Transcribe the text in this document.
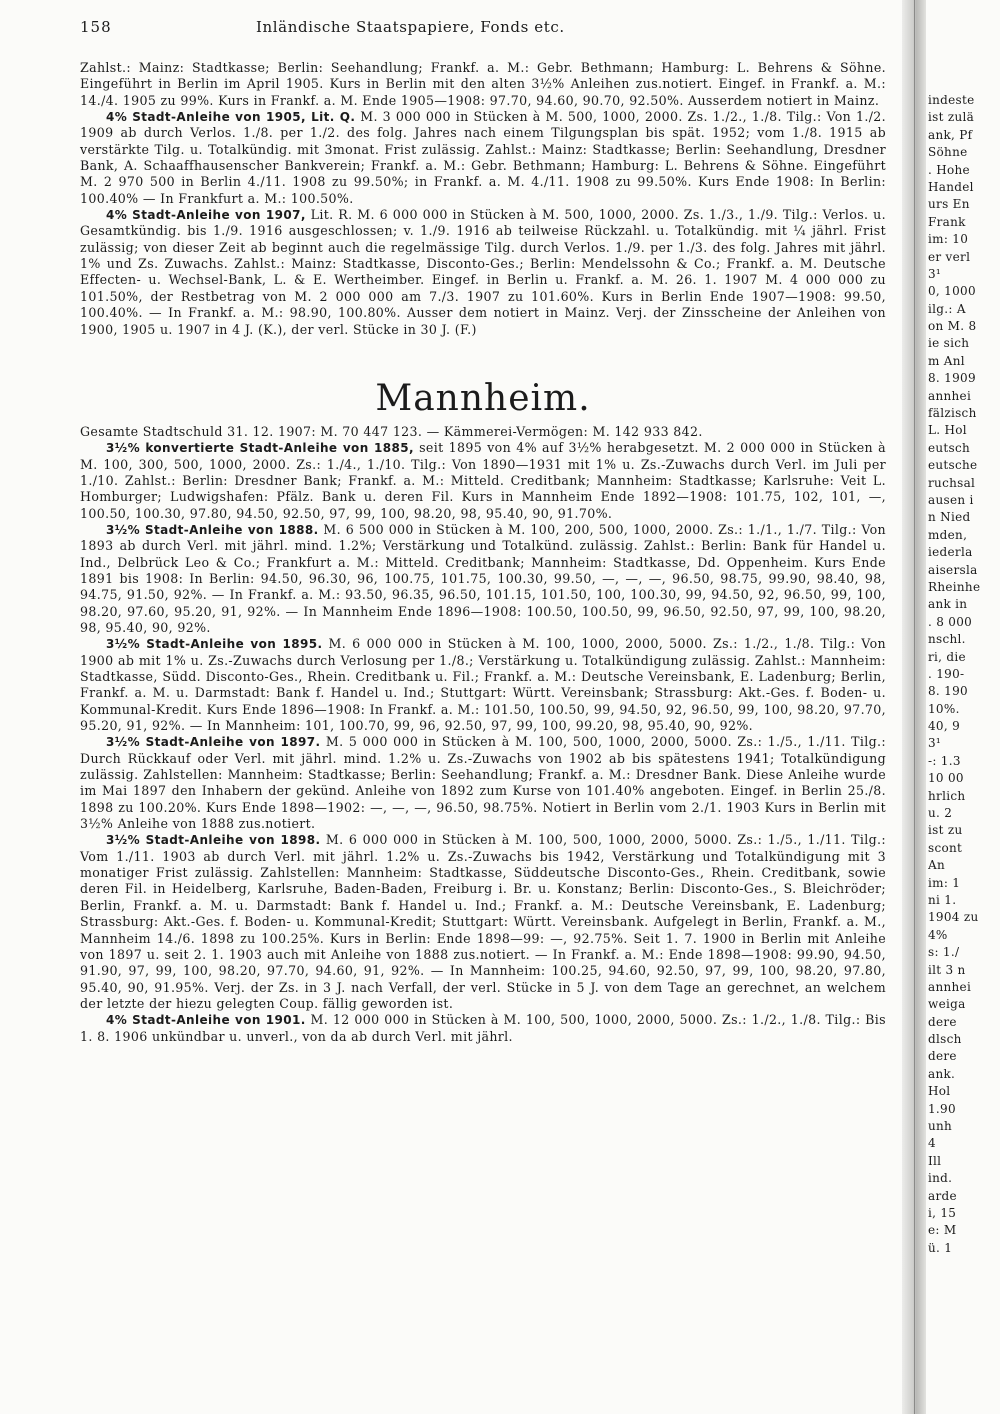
158	Inländische Staatspapiere, Fonds etc.

Zahlst.: Mainz: Stadtkasse; Berlin: Seehandlung; Frankf. a. M.: Gebr. Bethmann; Hamburg: L. Behrens & Söhne. Eingeführt in Berlin im April 1905. Kurs in Berlin mit den alten 3½% Anleihen zus.notiert. Eingef. in Frankf. a. M.: 14./4. 1905 zu 99%. Kurs in Frankf. a. M. Ende 1905—1908: 97.70, 94.60, 90.70, 92.50%. Ausserdem notiert in Mainz.

4% Stadt-Anleihe von 1905, Lit. Q. M. 3 000 000 in Stücken à M. 500, 1000, 2000. Zs. 1./2., 1./8. Tilg.: Von 1./2. 1909 ab durch Verlos. 1./8. per 1./2. des folg. Jahres nach einem Tilgungsplan bis spät. 1952; vom 1./8. 1915 ab verstärkte Tilg. u. Totalkündig. mit 3monat. Frist zulässig. Zahlst.: Mainz: Stadtkasse; Berlin: Seehandlung, Dresdner Bank, A. Schaaffhausenscher Bankverein; Frankf. a. M.: Gebr. Bethmann; Hamburg: L. Behrens & Söhne. Eingeführt M. 2 970 500 in Berlin 4./11. 1908 zu 99.50%; in Frankf. a. M. 4./11. 1908 zu 99.50%. Kurs Ende 1908: In Berlin: 100.40% — In Frankfurt a. M.: 100.50%.

4% Stadt-Anleihe von 1907, Lit. R. M. 6 000 000 in Stücken à M. 500, 1000, 2000. Zs. 1./3., 1./9. Tilg.: Verlos. u. Gesamtkündig. bis 1./9. 1916 ausgeschlossen; v. 1./9. 1916 ab teilweise Rückzahl. u. Totalkündig. mit ¼ jährl. Frist zulässig; von dieser Zeit ab beginnt auch die regelmässige Tilg. durch Verlos. 1./9. per 1./3. des folg. Jahres mit jährl. 1% und Zs. Zuwachs. Zahlst.: Mainz: Stadtkasse, Disconto-Ges.; Berlin: Mendelssohn & Co.; Frankf. a. M. Deutsche Effecten- u. Wechsel-Bank, L. & E. Wertheimber. Eingef. in Berlin u. Frankf. a. M. 26. 1. 1907 M. 4 000 000 zu 101.50%, der Restbetrag von M. 2 000 000 am 7./3. 1907 zu 101.60%. Kurs in Berlin Ende 1907—1908: 99.50, 100.40%. — In Frankf. a. M.: 98.90, 100.80%. Ausser dem notiert in Mainz. Verj. der Zinsscheine der Anleihen von 1900, 1905 u. 1907 in 4 J. (K.), der verl. Stücke in 30 J. (F.)

Mannheim.

Gesamte Stadtschuld 31. 12. 1907: M. 70 447 123. — Kämmerei-Vermögen: M. 142 933 842.

3½% konvertierte Stadt-Anleihe von 1885, seit 1895 von 4% auf 3½% herabgesetzt. M. 2 000 000 in Stücken à M. 100, 300, 500, 1000, 2000. Zs.: 1./4., 1./10. Tilg.: Von 1890—1931 mit 1% u. Zs.-Zuwachs durch Verl. im Juli per 1./10. Zahlst.: Berlin: Dresdner Bank; Frankf. a. M.: Mitteld. Creditbank; Mannheim: Stadtkasse; Karlsruhe: Veit L. Homburger; Ludwigshafen: Pfälz. Bank u. deren Fil. Kurs in Mannheim Ende 1892—1908: 101.75, 102, 101, —, 100.50, 100.30, 97.80, 94.50, 92.50, 97, 99, 100, 98.20, 98, 95.40, 90, 91.70%.

3½% Stadt-Anleihe von 1888. M. 6 500 000 in Stücken à M. 100, 200, 500, 1000, 2000. Zs.: 1./1., 1./7. Tilg.: Von 1893 ab durch Verl. mit jährl. mind. 1.2%; Verstärkung und Totalkünd. zulässig. Zahlst.: Berlin: Bank für Handel u. Ind., Delbrück Leo & Co.; Frankfurt a. M.: Mitteld. Creditbank; Mannheim: Stadtkasse, Dd. Oppenheim. Kurs Ende 1891 bis 1908: In Berlin: 94.50, 96.30, 96, 100.75, 101.75, 100.30, 99.50, —, —, —, 96.50, 98.75, 99.90, 98.40, 98, 94.75, 91.50, 92%. — In Frankf. a. M.: 93.50, 96.35, 96.50, 101.15, 101.50, 100, 100.30, 99, 94.50, 92, 96.50, 99, 100, 98.20, 97.60, 95.20, 91, 92%. — In Mannheim Ende 1896—1908: 100.50, 100.50, 99, 96.50, 92.50, 97, 99, 100, 98.20, 98, 95.40, 90, 92%.

3½% Stadt-Anleihe von 1895. M. 6 000 000 in Stücken à M. 100, 1000, 2000, 5000. Zs.: 1./2., 1./8. Tilg.: Von 1900 ab mit 1% u. Zs.-Zuwachs durch Verlosung per 1./8.; Verstärkung u. Totalkündigung zulässig. Zahlst.: Mannheim: Stadtkasse, Südd. Disconto-Ges., Rhein. Creditbank u. Fil.; Frankf. a. M.: Deutsche Vereinsbank, E. Ladenburg; Berlin, Frankf. a. M. u. Darmstadt: Bank f. Handel u. Ind.; Stuttgart: Württ. Vereinsbank; Strassburg: Akt.-Ges. f. Boden- u. Kommunal-Kredit. Kurs Ende 1896—1908: In Frankf. a. M.: 101.50, 100.50, 99, 94.50, 92, 96.50, 99, 100, 98.20, 97.70, 95.20, 91, 92%. — In Mannheim: 101, 100.70, 99, 96, 92.50, 97, 99, 100, 99.20, 98, 95.40, 90, 92%.

3½% Stadt-Anleihe von 1897. M. 5 000 000 in Stücken à M. 100, 500, 1000, 2000, 5000. Zs.: 1./5., 1./11. Tilg.: Durch Rückkauf oder Verl. mit jährl. mind. 1.2% u. Zs.-Zuwachs von 1902 ab bis spätestens 1941; Totalkündigung zulässig. Zahlstellen: Mannheim: Stadtkasse; Berlin: Seehandlung; Frankf. a. M.: Dresdner Bank. Diese Anleihe wurde im Mai 1897 den Inhabern der gekünd. Anleihe von 1892 zum Kurse von 101.40% angeboten. Eingef. in Berlin 25./8. 1898 zu 100.20%. Kurs Ende 1898—1902: —, —, —, 96.50, 98.75%. Notiert in Berlin vom 2./1. 1903 Kurs in Berlin mit 3½% Anleihe von 1888 zus.notiert.

3½% Stadt-Anleihe von 1898. M. 6 000 000 in Stücken à M. 100, 500, 1000, 2000, 5000. Zs.: 1./5., 1./11. Tilg.: Vom 1./11. 1903 ab durch Verl. mit jährl. 1.2% u. Zs.-Zuwachs bis 1942, Verstärkung und Totalkündigung mit 3 monatiger Frist zulässig. Zahlstellen: Mannheim: Stadtkasse, Süddeutsche Disconto-Ges., Rhein. Creditbank, sowie deren Fil. in Heidelberg, Karlsruhe, Baden-Baden, Freiburg i. Br. u. Konstanz; Berlin: Disconto-Ges., S. Bleichröder; Berlin, Frankf. a. M. u. Darmstadt: Bank f. Handel u. Ind.; Frankf. a. M.: Deutsche Vereinsbank, E. Ladenburg; Strassburg: Akt.-Ges. f. Boden- u. Kommunal-Kredit; Stuttgart: Württ. Vereinsbank. Aufgelegt in Berlin, Frankf. a. M., Mannheim 14./6. 1898 zu 100.25%. Kurs in Berlin: Ende 1898—99: —, 92.75%. Seit 1. 7. 1900 in Berlin mit Anleihe von 1897 u. seit 2. 1. 1903 auch mit Anleihe von 1888 zus.notiert. — In Frankf. a. M.: Ende 1898—1908: 99.90, 94.50, 91.90, 97, 99, 100, 98.20, 97.70, 94.60, 91, 92%. — In Mannheim: 100.25, 94.60, 92.50, 97, 99, 100, 98.20, 97.80, 95.40, 90, 91.95%. Verj. der Zs. in 3 J. nach Verfall, der verl. Stücke in 5 J. von dem Tage an gerechnet, an welchem der letzte der hiezu gelegten Coup. fällig geworden ist.

4% Stadt-Anleihe von 1901. M. 12 000 000 in Stücken à M. 100, 500, 1000, 2000, 5000. Zs.: 1./2., 1./8. Tilg.: Bis 1. 8. 1906 unkündbar u. unverl., von da ab durch Verl. mit jährl.

indeste
ist zulä
ank, Pf
Söhne
. Hohe
Handel
urs En
Frank
im: 10
er verl
3¹
0, 1000
ilg.: A
on M. 8
ie sich
m Anl
8. 1909
annhei
fälzisch
L. Hol
eutsch
eutsche
ruchsal
ausen i
n Nied
mden,
iederla
aisersla
Rheinhe
ank in
. 8 000
nschl.
ri, die
. 190-
8. 190
10%.
40, 9
3¹
-: 1.3
10 00
hrlich
u. 2
ist zu
scont
An
im: 1
ni 1.
1904 zu
4%
s: 1./
ilt 3 n
annhei
weiga
dere
dlsch
dere
ank.
Hol
1.90
unh
4
Ill
ind.
arde
i, 15
e: M
ü. 1
